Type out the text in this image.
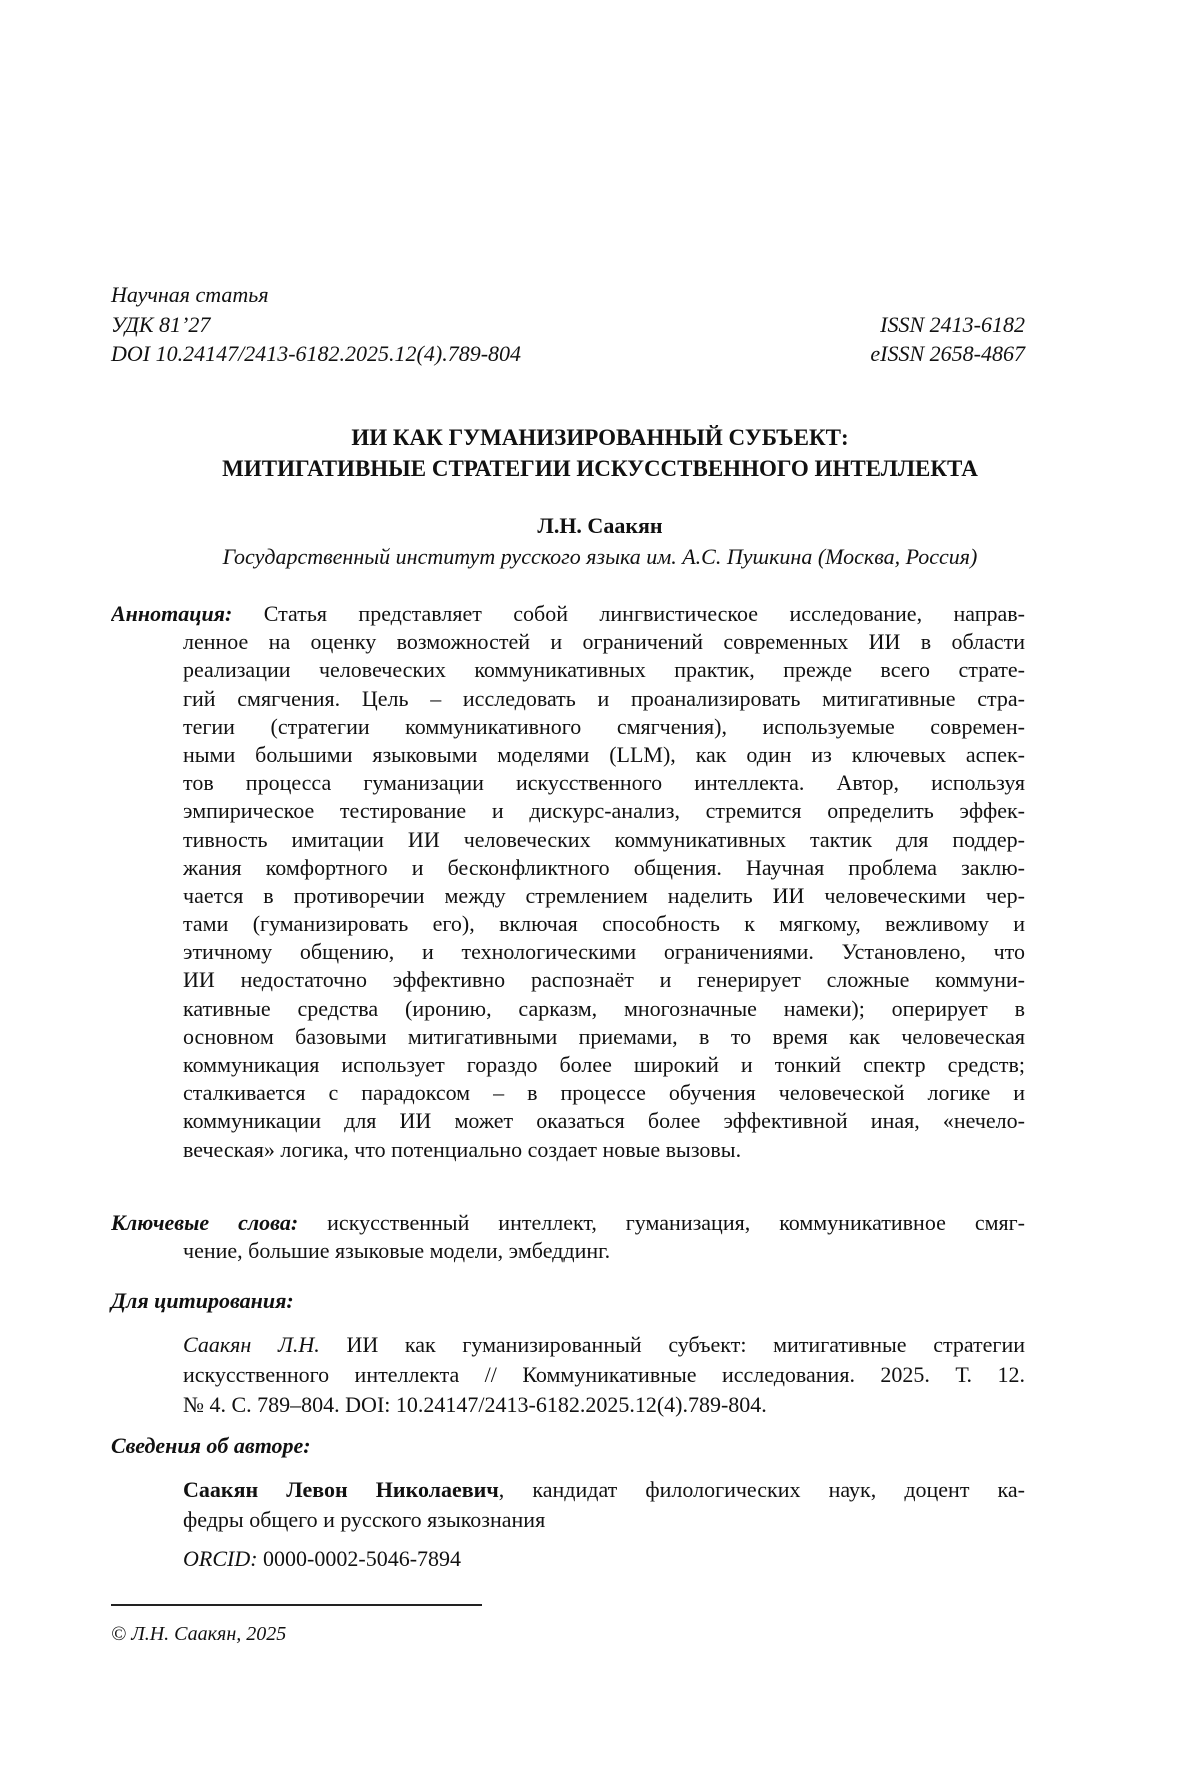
Научная статья
УДК 81’27
DOI 10.24147/2413-6182.2025.12(4).789-804
ISSN 2413-6182
eISSN 2658-4867
ИИ КАК ГУМАНИЗИРОВАННЫЙ СУБЪЕКТ:
МИТИГАТИВНЫЕ СТРАТЕГИИ ИСКУССТВЕННОГО ИНТЕЛЛЕКТА
Л.Н. Саакян
Государственный институт русского языка им. А.С. Пушкина (Москва, Россия)
Аннотация: Статья представляет собой лингвистическое исследование, направ-
ленное на оценку возможностей и ограничений современных ИИ в области
реализации человеческих коммуникативных практик, прежде всего страте-
гий смягчения. Цель – исследовать и проанализировать митигативные стра-
тегии (стратегии коммуникативного смягчения), используемые современ-
ными большими языковыми моделями (LLM), как один из ключевых аспек-
тов процесса гуманизации искусственного интеллекта. Автор, используя
эмпирическое тестирование и дискурс-анализ, стремится определить эффек-
тивность имитации ИИ человеческих коммуникативных тактик для поддер-
жания комфортного и бесконфликтного общения. Научная проблема заклю-
чается в противоречии между стремлением наделить ИИ человеческими чер-
тами (гуманизировать его), включая способность к мягкому, вежливому и
этичному общению, и технологическими ограничениями. Установлено, что
ИИ недостаточно эффективно распознаёт и генерирует сложные коммуни-
кативные средства (иронию, сарказм, многозначные намеки); оперирует в
основном базовыми митигативными приемами, в то время как человеческая
коммуникация использует гораздо более широкий и тонкий спектр средств;
сталкивается с парадоксом – в процессе обучения человеческой логике и
коммуникации для ИИ может оказаться более эффективной иная, «нечело-
веческая» логика, что потенциально создает новые вызовы.
Ключевые слова: искусственный интеллект, гуманизация, коммуникативное смяг-
чение, большие языковые модели, эмбеддинг.
Для цитирования:
Саакян Л.Н. ИИ как гуманизированный субъект: митигативные стратегии
искусственного интеллекта // Коммуникативные исследования. 2025. Т. 12.
№ 4. С. 789–804. DOI: 10.24147/2413-6182.2025.12(4).789-804.
Сведения об авторе:
Саакян Левон Николаевич, кандидат филологических наук, доцент ка-
федры общего и русского языкознания
ORCID: 0000-0002-5046-7894
© Л.Н. Саакян, 2025
